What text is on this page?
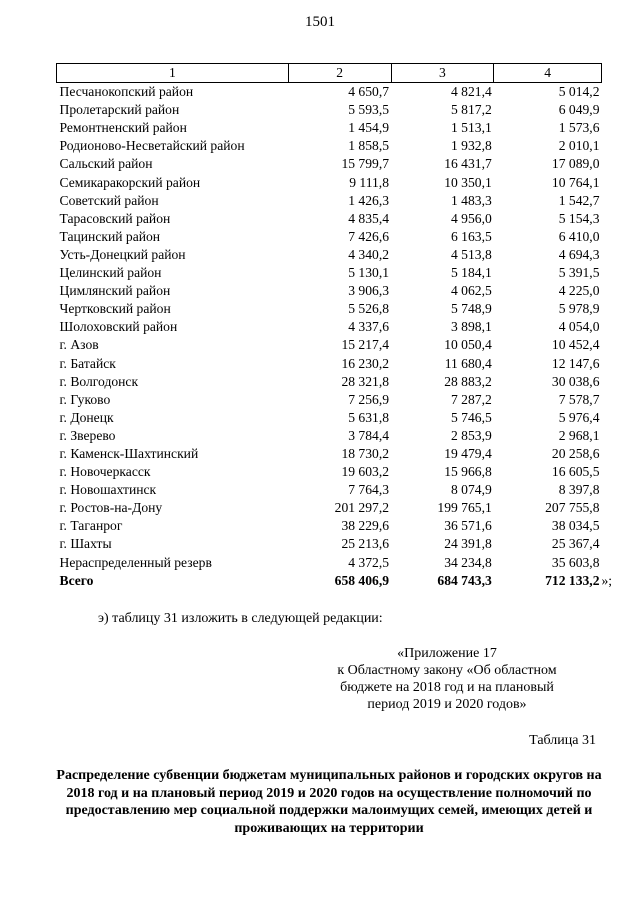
1501
1	2	3	4
Песчанокопский район	4 650,7	4 821,4	5 014,2
Пролетарский район	5 593,5	5 817,2	6 049,9
Ремонтненский район	1 454,9	1 513,1	1 573,6
Родионово-Несветайский район	1 858,5	1 932,8	2 010,1
Сальский район	15 799,7	16 431,7	17 089,0
Семикаракорский район	9 111,8	10 350,1	10 764,1
Советский район	1 426,3	1 483,3	1 542,7
Тарасовский район	4 835,4	4 956,0	5 154,3
Тацинский район	7 426,6	6 163,5	6 410,0
Усть-Донецкий район	4 340,2	4 513,8	4 694,3
Целинский район	5 130,1	5 184,1	5 391,5
Цимлянский район	3 906,3	4 062,5	4 225,0
Чертковский район	5 526,8	5 748,9	5 978,9
Шолоховский район	4 337,6	3 898,1	4 054,0
г. Азов	15 217,4	10 050,4	10 452,4
г. Батайск	16 230,2	11 680,4	12 147,6
г. Волгодонск	28 321,8	28 883,2	30 038,6
г. Гуково	7 256,9	7 287,2	7 578,7
г. Донецк	5 631,8	5 746,5	5 976,4
г. Зверево	3 784,4	2 853,9	2 968,1
г. Каменск-Шахтинский	18 730,2	19 479,4	20 258,6
г. Новочеркасск	19 603,2	15 966,8	16 605,5
г. Новошахтинск	7 764,3	8 074,9	8 397,8
г. Ростов-на-Дону	201 297,2	199 765,1	207 755,8
г. Таганрог	38 229,6	36 571,6	38 034,5
г. Шахты	25 213,6	24 391,8	25 367,4
Нераспределенный резерв	4 372,5	34 234,8	35 603,8
Всего	658 406,9	684 743,3	712 133,2 »;
э) таблицу 31 изложить в следующей редакции:
«Приложение 17
к Областному закону «Об областном
бюджете на 2018 год и на плановый
период 2019 и 2020 годов»
Таблица 31
Распределение субвенции бюджетам муниципальных районов и городских округов на 2018 год и на плановый период 2019 и 2020 годов на осуществление полномочий по предоставлению мер социальной поддержки малоимущих семей, имеющих детей и проживающих на территории
